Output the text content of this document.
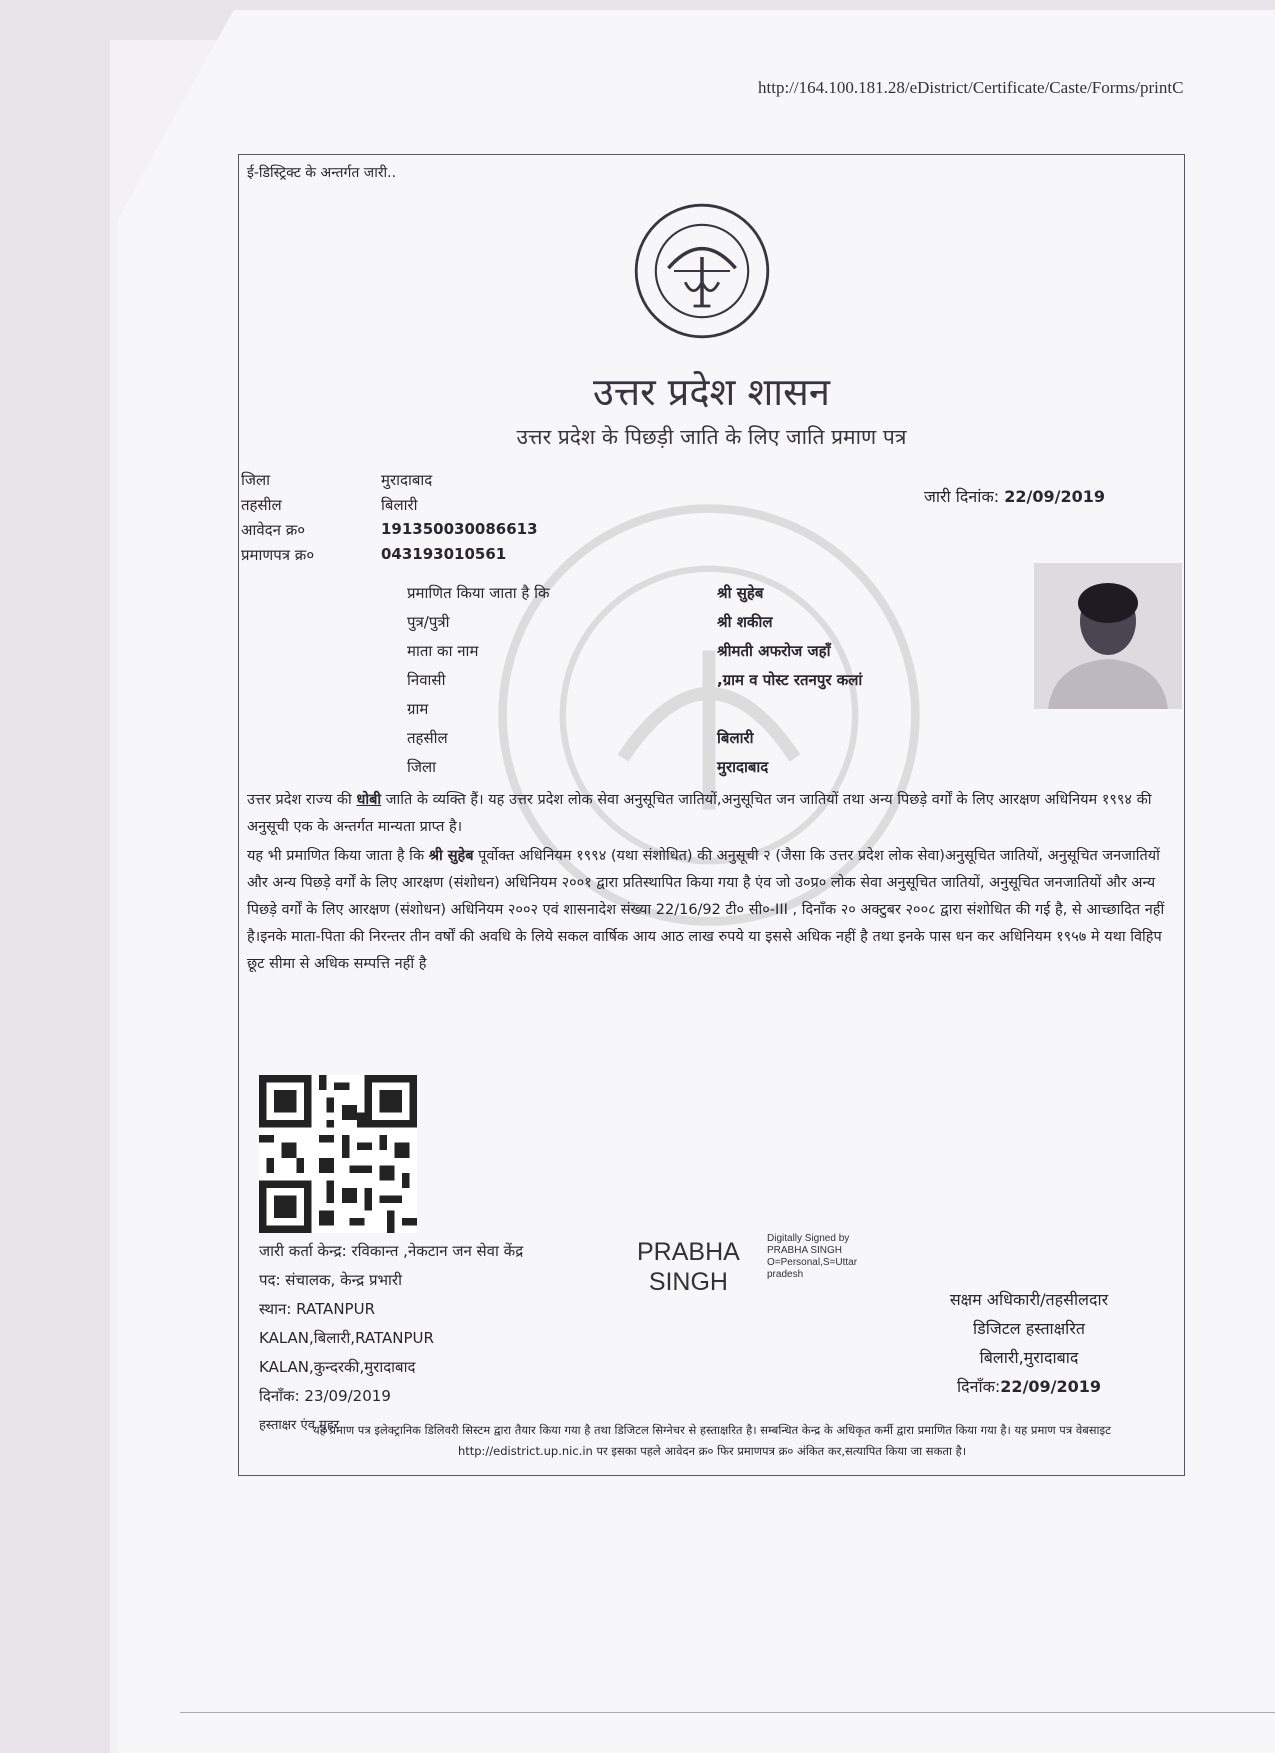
http://164.100.181.28/eDistrict/Certificate/Caste/Forms/printC
ई-डिस्ट्रिक्ट के अन्तर्गत जारी..
उत्तर प्रदेश शासन
उत्तर प्रदेश के पिछड़ी जाति के लिए जाति प्रमाण पत्र
जिला	मुरादाबाद
तहसील	बिलारी
आवेदन क्र०	191350030086613
प्रमाणपत्र क्र०	043193010561
जारी दिनांक: 22/09/2019
प्रमाणित किया जाता है कि	श्री सुहेब
पुत्र/पुत्री	श्री शकील
माता का नाम	श्रीमती अफरोज जहाँ
निवासी	,ग्राम व पोस्ट रतनपुर कलां
ग्राम
तहसील	बिलारी
जिला	मुरादाबाद
उत्तर प्रदेश राज्य की धोबी जाति के व्यक्ति हैं। यह उत्तर प्रदेश लोक सेवा अनुसूचित जातियों,अनुसूचित जन जातियों तथा अन्य पिछड़े वर्गों के लिए आरक्षण अधिनियम १९९४ की अनुसूची एक के अन्तर्गत मान्यता प्राप्त है।
यह भी प्रमाणित किया जाता है कि श्री सुहेब पूर्वोक्त अधिनियम १९९४ (यथा संशोधित) की अनुसूची २ (जैसा कि उत्तर प्रदेश लोक सेवा)अनुसूचित जातियों, अनुसूचित जनजातियों और अन्य पिछड़े वर्गों के लिए आरक्षण (संशोधन) अधिनियम २००१ द्वारा प्रतिस्थापित किया गया है एंव जो उ०प्र० लोक सेवा अनुसूचित जातियों, अनुसूचित जनजातियों और अन्य पिछड़े वर्गों के लिए आरक्षण (संशोधन) अधिनियम २००२ एवं शासनादेश संख्या 22/16/92 टी० सी०-III , दिनाँक २० अक्टुबर २००८ द्वारा संशोधित की गई है, से आच्छादित नहीं है।इनके माता-पिता की निरन्तर तीन वर्षों की अवधि के लिये सकल वार्षिक आय आठ लाख रुपये या इससे अधिक नहीं है तथा इनके पास धन कर अधिनियम १९५७ मे यथा विहिप छूट सीमा से अधिक सम्पत्ति नहीं है
जारी कर्ता केन्द्र: रविकान्त ,नेकटान जन सेवा केंद्र
पद: संचालक, केन्द्र प्रभारी
स्थान: RATANPUR
KALAN,बिलारी,RATANPUR
KALAN,कुन्दरकी,मुरादाबाद
दिनाँक: 23/09/2019
हस्ताक्षर एंव मुहर
PRABHA
SINGH
Digitally Signed by
PRABHA SINGH
O=Personal,S=Uttar
pradesh
सक्षम अधिकारी/तहसीलदार
डिजिटल हस्ताक्षरित
बिलारी,मुरादाबाद
दिनाँक:22/09/2019
यह प्रमाण पत्र इलेक्ट्रानिक डिलिवरी सिस्टम द्वारा तैयार किया गया है तथा डिजिटल सिग्नेचर से हस्ताक्षरित है। सम्बन्धित केन्द्र के अधिकृत कर्मी द्वारा प्रमाणित किया गया है। यह प्रमाण पत्र वेबसाइट http://edistrict.up.nic.in पर इसका पहले आवेदन क्र० फिर प्रमाणपत्र क्र० अंकित कर,सत्यापित किया जा सकता है।
